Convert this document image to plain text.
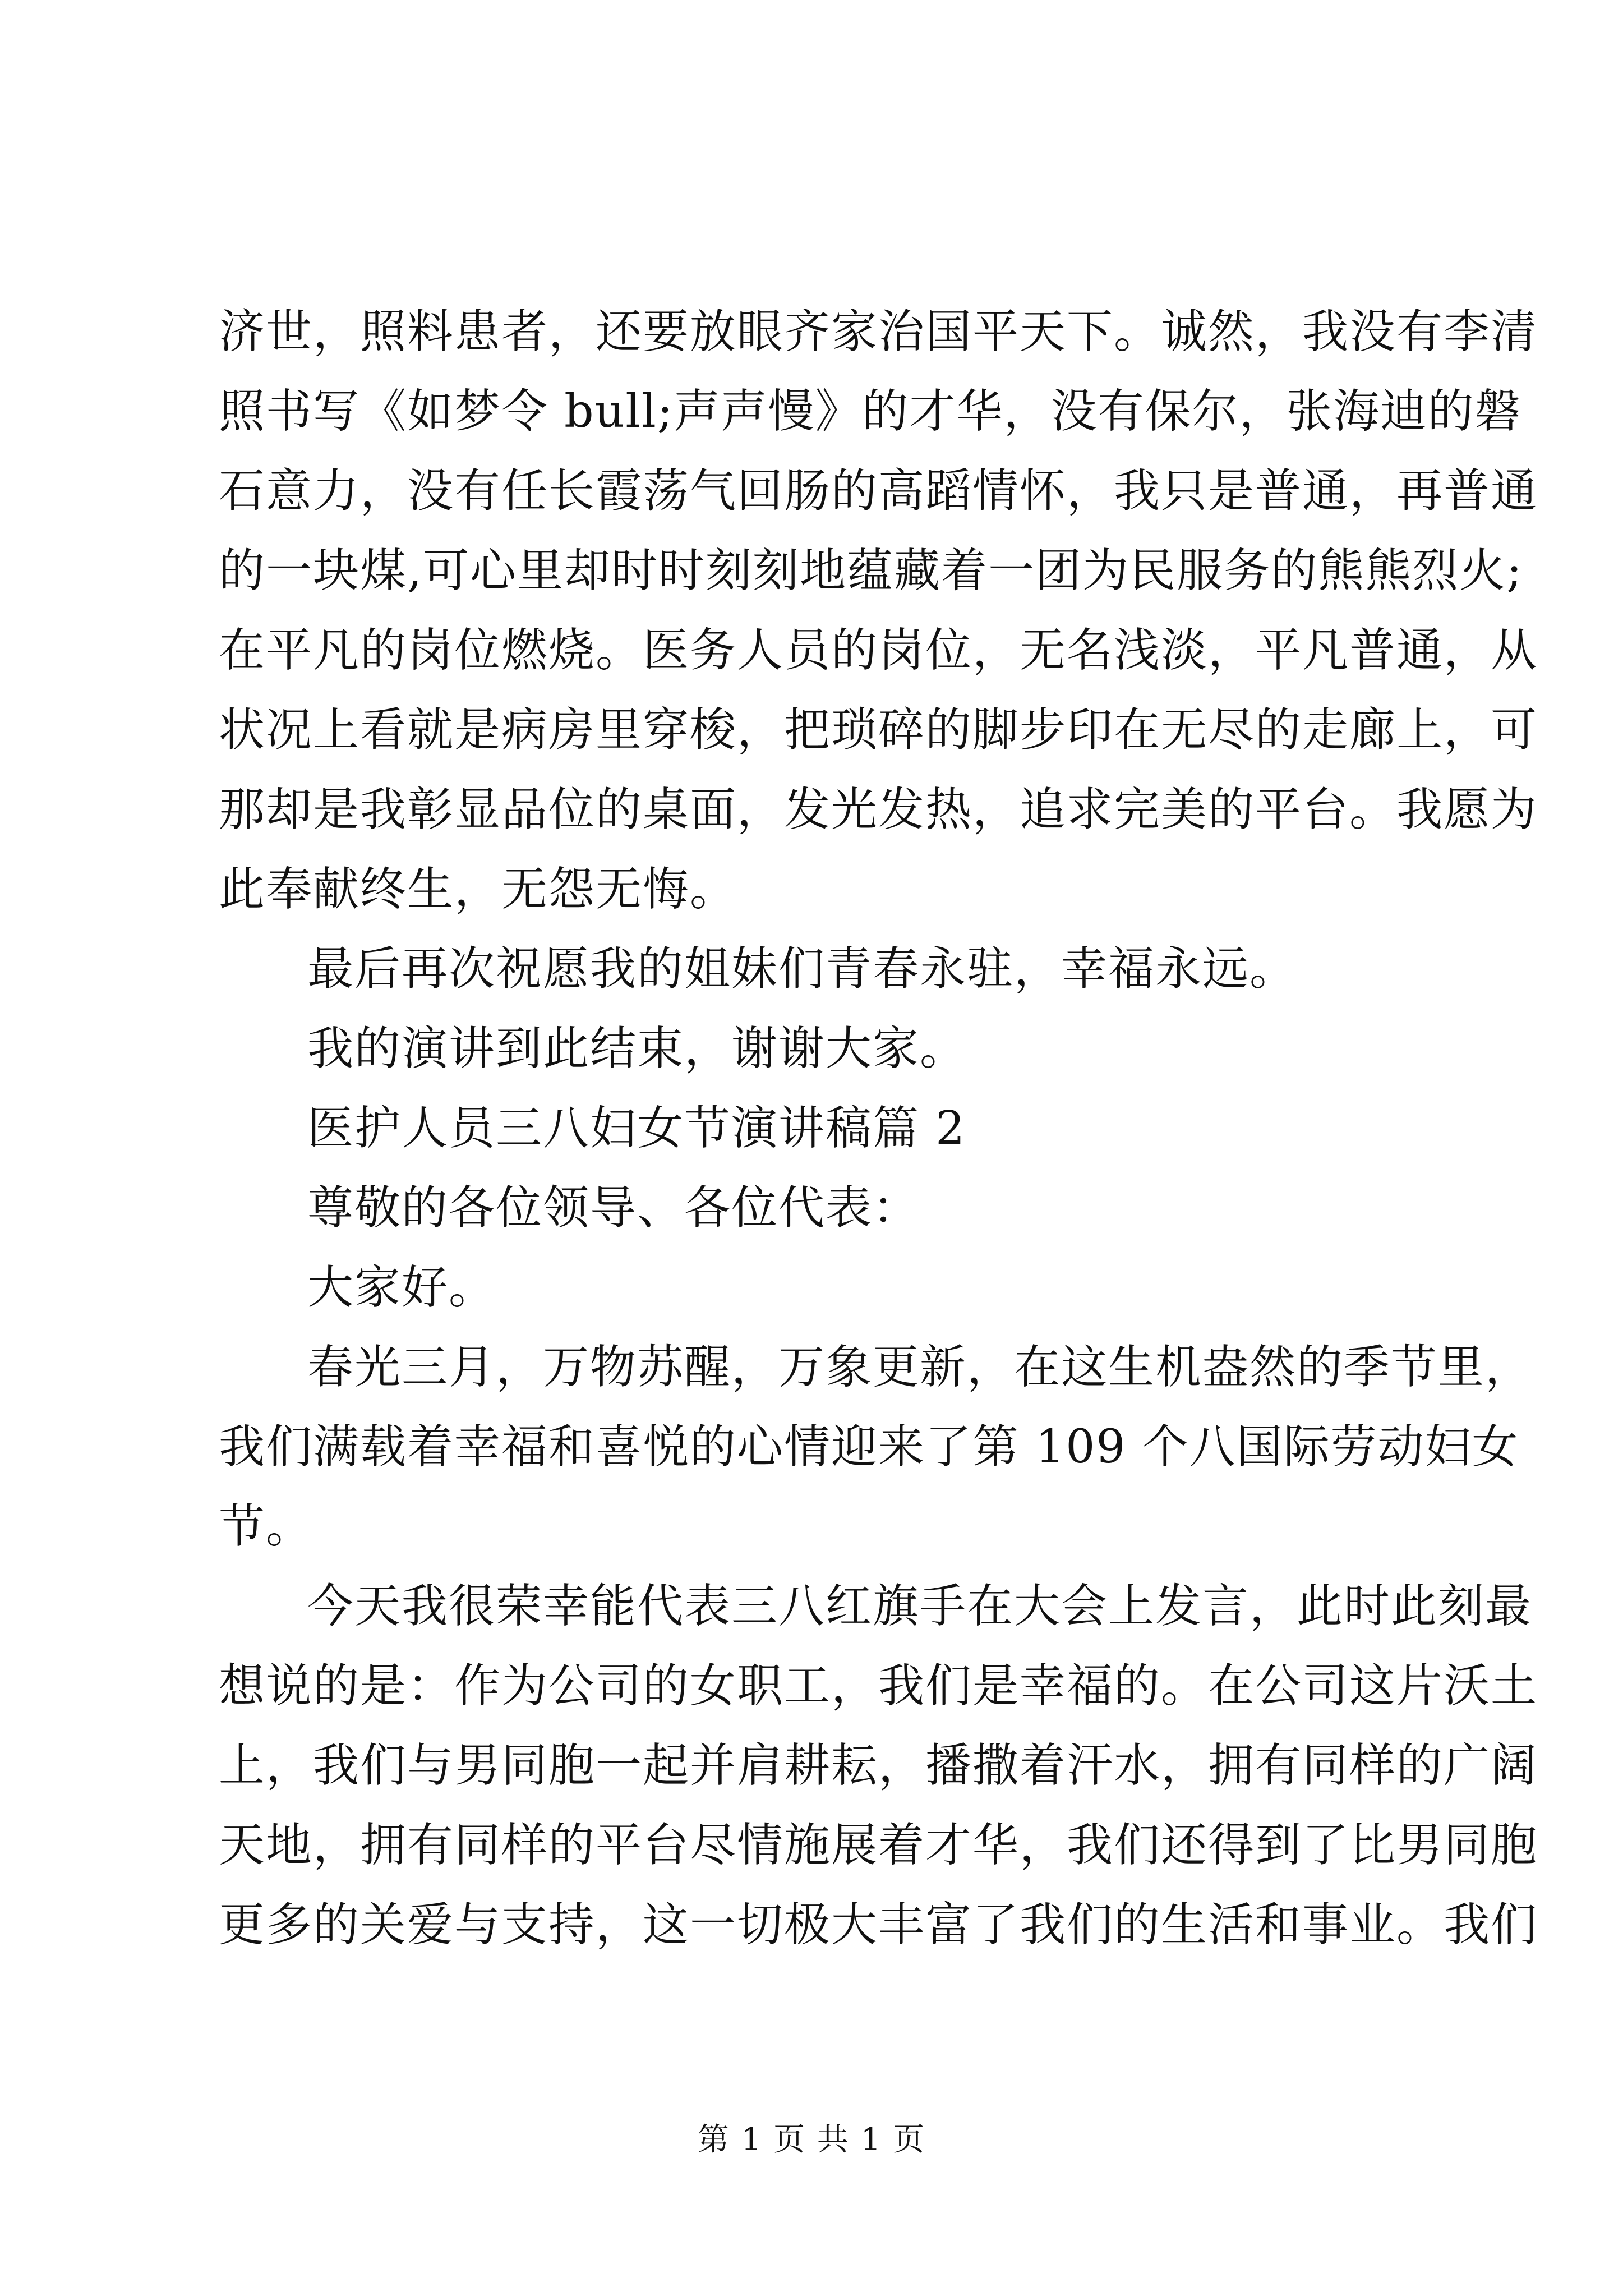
济世，照料患者，还要放眼齐家治国平天下。诚然，我没有李清
照书写《如梦令 bull;声声慢》的才华，没有保尔，张海迪的磐
石意力，没有任长霞荡气回肠的高蹈情怀，我只是普通，再普通
的一块煤,可心里却时时刻刻地蕴藏着一团为民服务的熊熊烈火;
在平凡的岗位燃烧。医务人员的岗位，无名浅淡，平凡普通，从
状况上看就是病房里穿梭，把琐碎的脚步印在无尽的走廊上，可
那却是我彰显品位的桌面，发光发热，追求完美的平台。我愿为
此奉献终生，无怨无悔。
最后再次祝愿我的姐妹们青春永驻，幸福永远。
我的演讲到此结束，谢谢大家。
医护人员三八妇女节演讲稿篇 2
尊敬的各位领导、各位代表：
大家好。
春光三月，万物苏醒，万象更新，在这生机盎然的季节里，
我们满载着幸福和喜悦的心情迎来了第 109 个八国际劳动妇女
节。
今天我很荣幸能代表三八红旗手在大会上发言，此时此刻最
想说的是：作为公司的女职工，我们是幸福的。在公司这片沃土
上，我们与男同胞一起并肩耕耘，播撒着汗水，拥有同样的广阔
天地，拥有同样的平台尽情施展着才华，我们还得到了比男同胞
更多的关爱与支持，这一切极大丰富了我们的生活和事业。我们
第 1 页 共 1 页
